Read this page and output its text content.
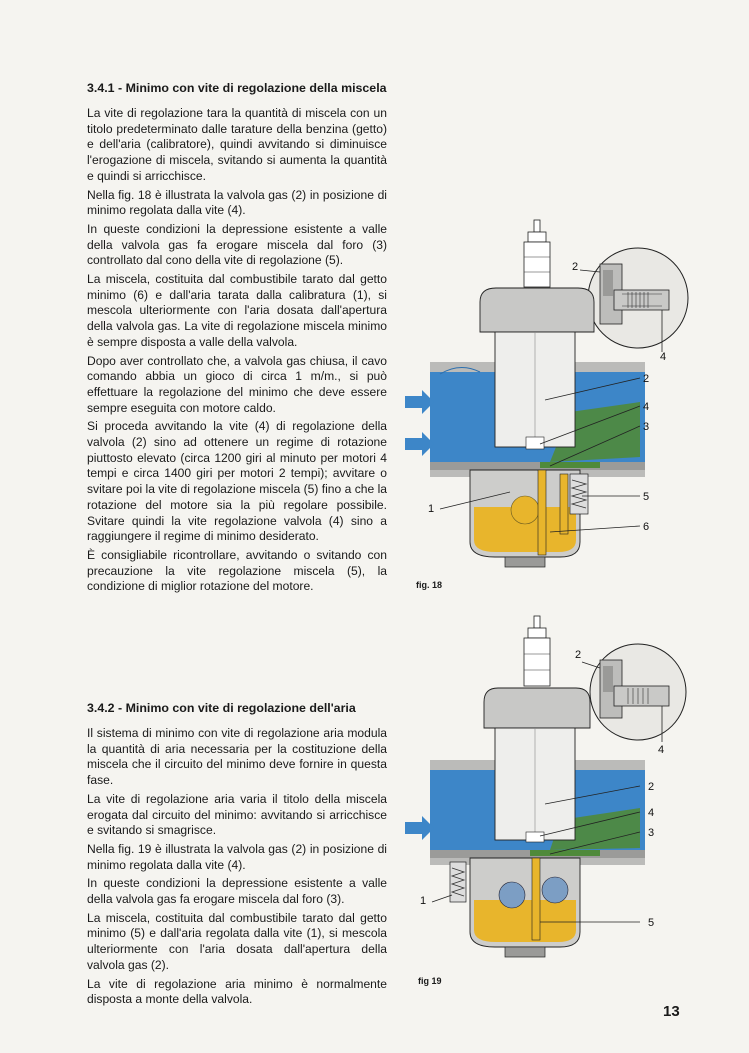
3.4.1 - Minimo con vite di regolazione della miscela

La vite di regolazione tara la quantità di miscela con un titolo predeterminato dalle tarature della benzina (getto) e dell'aria (calibratore), quindi avvitando si diminuisce l'erogazione di miscela, svitando si aumenta la quantità e quindi si arricchisce.

Nella fig. 18 è illustrata la valvola gas (2) in posizione di minimo regolata dalla vite (4).

In queste condizioni la depressione esistente a valle della valvola gas fa erogare miscela dal foro (3) controllato dal cono della vite di regolazione (5).

La miscela, costituita dal combustibile tarato dal getto minimo (6) e dall'aria tarata dalla calibratura (1), si mescola ulteriormente con l'aria dosata dall'apertura della valvola gas. La vite di regolazione miscela minimo è sempre disposta a valle della valvola.

Dopo aver controllato che, a valvola gas chiusa, il cavo comando abbia un gioco di circa 1 m/m., si può effettuare la regolazione del minimo che deve essere sempre eseguita con motore caldo.

Si proceda avvitando la vite (4) di regolazione della valvola (2) sino ad ottenere un regime di rotazione piuttosto elevato (circa 1200 giri al minuto per motori 4 tempi e circa 1400 giri per motori 2 tempi); avvitare o svitare poi la vite di regolazione miscela (5) fino a che la rotazione del motore sia la più regolare possibile. Svitare quindi la vite regolazione valvola (4) sino a raggiungere il regime di minimo desiderato.

È consigliabile ricontrollare, avvitando o svitando con precauzione la vite regolazione miscela (5), la condizione di miglior rotazione del motore.

3.4.2 - Minimo con vite di regolazione dell'aria

Il sistema di minimo con vite di regolazione aria modula la quantità di aria necessaria per la costituzione della miscela che il circuito del minimo deve fornire in questa fase.

La vite di regolazione aria varia il titolo della miscela erogata dal circuito del minimo: avvitando si arricchisce e svitando si smagrisce.

Nella fig. 19 è illustrata la valvola gas (2) in posizione di minimo regolata dalla vite (4).

In queste condizioni la depressione esistente a valle della valvola gas fa erogare miscela dal foro (3).

La miscela, costituita dal combustibile tarato dal getto minimo (5) e dall'aria regolata dalla vite (1), si mescola ulteriormente con l'aria dosata dall'apertura della valvola gas (2).

La vite di regolazione aria minimo è normalmente disposta a monte della valvola.

2
4
2
4
3
5
6
1
fig. 18
2
4
2
4
3
5
1
fig 19
13
